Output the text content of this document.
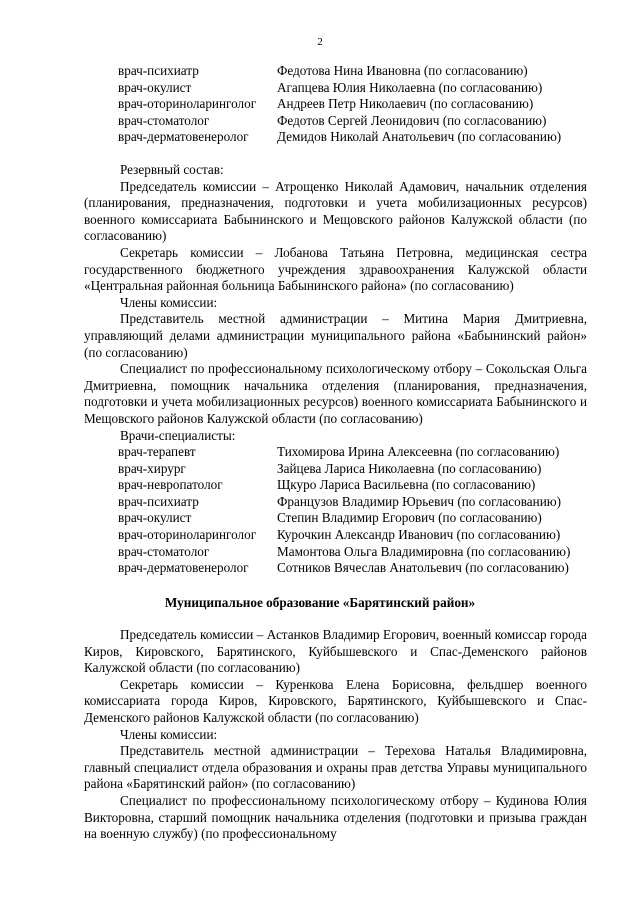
2
врач-психиатр	Федотова Нина Ивановна (по согласованию)
врач-окулист	Агапцева Юлия Николаевна (по согласованию)
врач-оториноларинголог Андреев Петр Николаевич (по согласованию)
врач-стоматолог	Федотов Сергей Леонидович (по согласованию)
врач-дерматовенеролог Демидов Николай Анатольевич (по согласованию)

Резервный состав:

Председатель комиссии – Атрощенко Николай Адамович, начальник отделения (планирования, предназначения, подготовки и учета мобилизационных ресурсов) военного комиссариата Бабынинского и Мещовского районов Калужской области (по согласованию)

Секретарь комиссии – Лобанова Татьяна Петровна, медицинская сестра государственного бюджетного учреждения здравоохранения Калужской области «Центральная районная больница Бабынинского района» (по согласованию)

Члены комиссии:

Представитель местной администрации – Митина Мария Дмитриевна, управляющий делами администрации муниципального района «Бабынинский район» (по согласованию)

Специалист по профессиональному психологическому отбору – Сокольская Ольга Дмитриевна, помощник начальника отделения (планирования, предназначения, подготовки и учета мобилизационных ресурсов) военного комиссариата Бабынинского и Мещовского районов Калужской области (по согласованию)

Врачи-специалисты:

врач-терапевт	Тихомирова Ирина Алексеевна (по согласованию)
врач-хирург	Зайцева Лариса Николаевна (по согласованию)
врач-невропатолог	Щкуро Лариса Васильевна (по согласованию)
врач-психиатр	Французов Владимир Юрьевич (по согласованию)
врач-окулист	Степин Владимир Егорович (по согласованию)
врач-оториноларинголог Курочкин Александр Иванович (по согласованию)
врач-стоматолог	Мамонтова Ольга Владимировна (по согласованию)
врач-дерматовенеролог Сотников Вячеслав Анатольевич (по согласованию)
Муниципальное образование «Барятинский район»

Председатель комиссии – Астанков Владимир Егорович, военный комиссар города Киров, Кировского, Барятинского, Куйбышевского и Спас-Деменского районов Калужской области (по согласованию)

Секретарь комиссии – Куренкова Елена Борисовна, фельдшер военного комиссариата города Киров, Кировского, Барятинского, Куйбышевского и Спас-Деменского районов Калужской области (по согласованию)

Члены комиссии:

Представитель местной администрации – Терехова Наталья Владимировна, главный специалист отдела образования и охраны прав детства Управы муниципального района «Барятинский район» (по согласованию)

Специалист по профессиональному психологическому отбору – Кудинова Юлия Викторовна, старший помощник начальника отделения (подготовки и призыва граждан на военную службу) (по профессиональному
